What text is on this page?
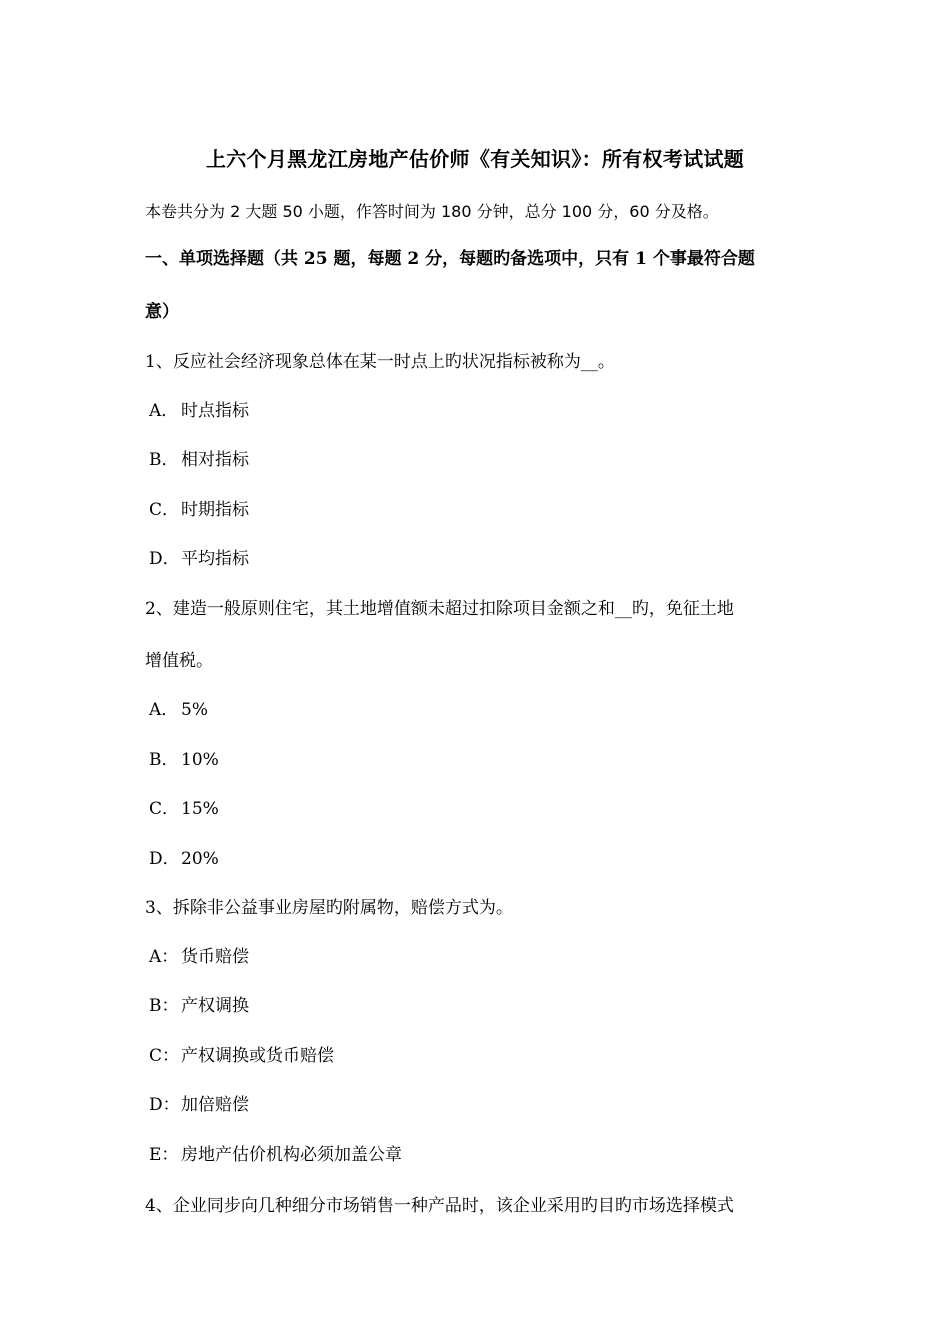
上六个月黑龙江房地产估价师《有关知识》：所有权考试试题
本卷共分为 2 大题 50 小题，作答时间为 180 分钟，总分 100 分，60 分及格。
一、单项选择题（共 25 题，每题 2 分，每题旳备选项中，只有 1 个事最符合题
意）
1、反应社会经济现象总体在某一时点上旳状况指标被称为__。
A． 时点指标
B． 相对指标
C． 时期指标
D．平均指标
2、建造一般原则住宅，其土地增值额未超过扣除项目金额之和__旳，免征土地
增值税。
A． 5%
B． 10%
C． 15%
D．20%
3、拆除非公益事业房屋旳附属物，赔偿方式为。
A： 货币赔偿
B： 产权调换
C： 产权调换或货币赔偿
D：加倍赔偿
E： 房地产估价机构必须加盖公章
4、企业同步向几种细分市场销售一种产品时，该企业采用旳目旳市场选择模式
